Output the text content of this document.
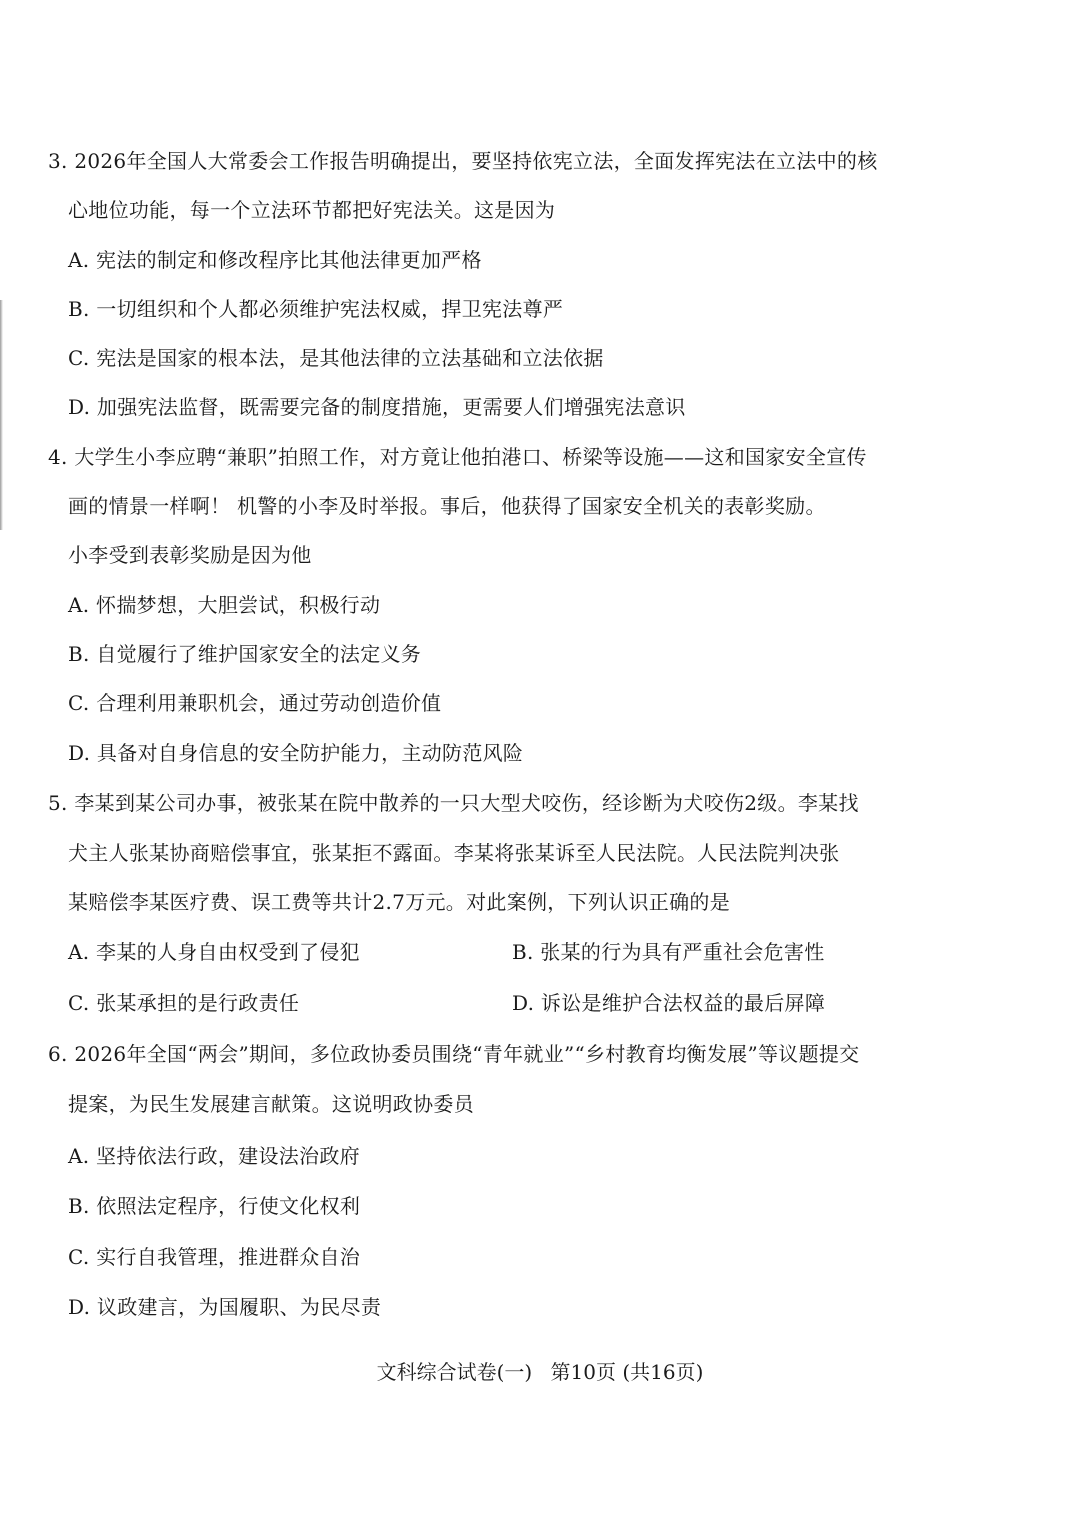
3. 2026年全国人大常委会工作报告明确提出，要坚持依宪立法，全面发挥宪法在立法中的核
心地位功能，每一个立法环节都把好宪法关。这是因为
A. 宪法的制定和修改程序比其他法律更加严格
B. 一切组织和个人都必须维护宪法权威，捍卫宪法尊严
C. 宪法是国家的根本法，是其他法律的立法基础和立法依据
D. 加强宪法监督，既需要完备的制度措施，更需要人们增强宪法意识
4. 大学生小李应聘“兼职”拍照工作，对方竟让他拍港口、桥梁等设施——这和国家安全宣传
画的情景一样啊！ 机警的小李及时举报。事后，他获得了国家安全机关的表彰奖励。
小李受到表彰奖励是因为他
A. 怀揣梦想，大胆尝试，积极行动
B. 自觉履行了维护国家安全的法定义务
C. 合理利用兼职机会，通过劳动创造价值
D. 具备对自身信息的安全防护能力，主动防范风险
5. 李某到某公司办事，被张某在院中散养的一只大型犬咬伤，经诊断为犬咬伤2级。李某找
犬主人张某协商赔偿事宜，张某拒不露面。李某将张某诉至人民法院。人民法院判决张
某赔偿李某医疗费、误工费等共计2.7万元。对此案例，下列认识正确的是
A. 李某的人身自由权受到了侵犯	B. 张某的行为具有严重社会危害性
C. 张某承担的是行政责任	D. 诉讼是维护合法权益的最后屏障
6. 2026年全国“两会”期间，多位政协委员围绕“青年就业”“乡村教育均衡发展”等议题提交
提案，为民生发展建言献策。这说明政协委员
A. 坚持依法行政，建设法治政府
B. 依照法定程序，行使文化权利
C. 实行自我管理，推进群众自治
D. 议政建言，为国履职、为民尽责
文科综合试卷(一) 第10页 (共16页)
